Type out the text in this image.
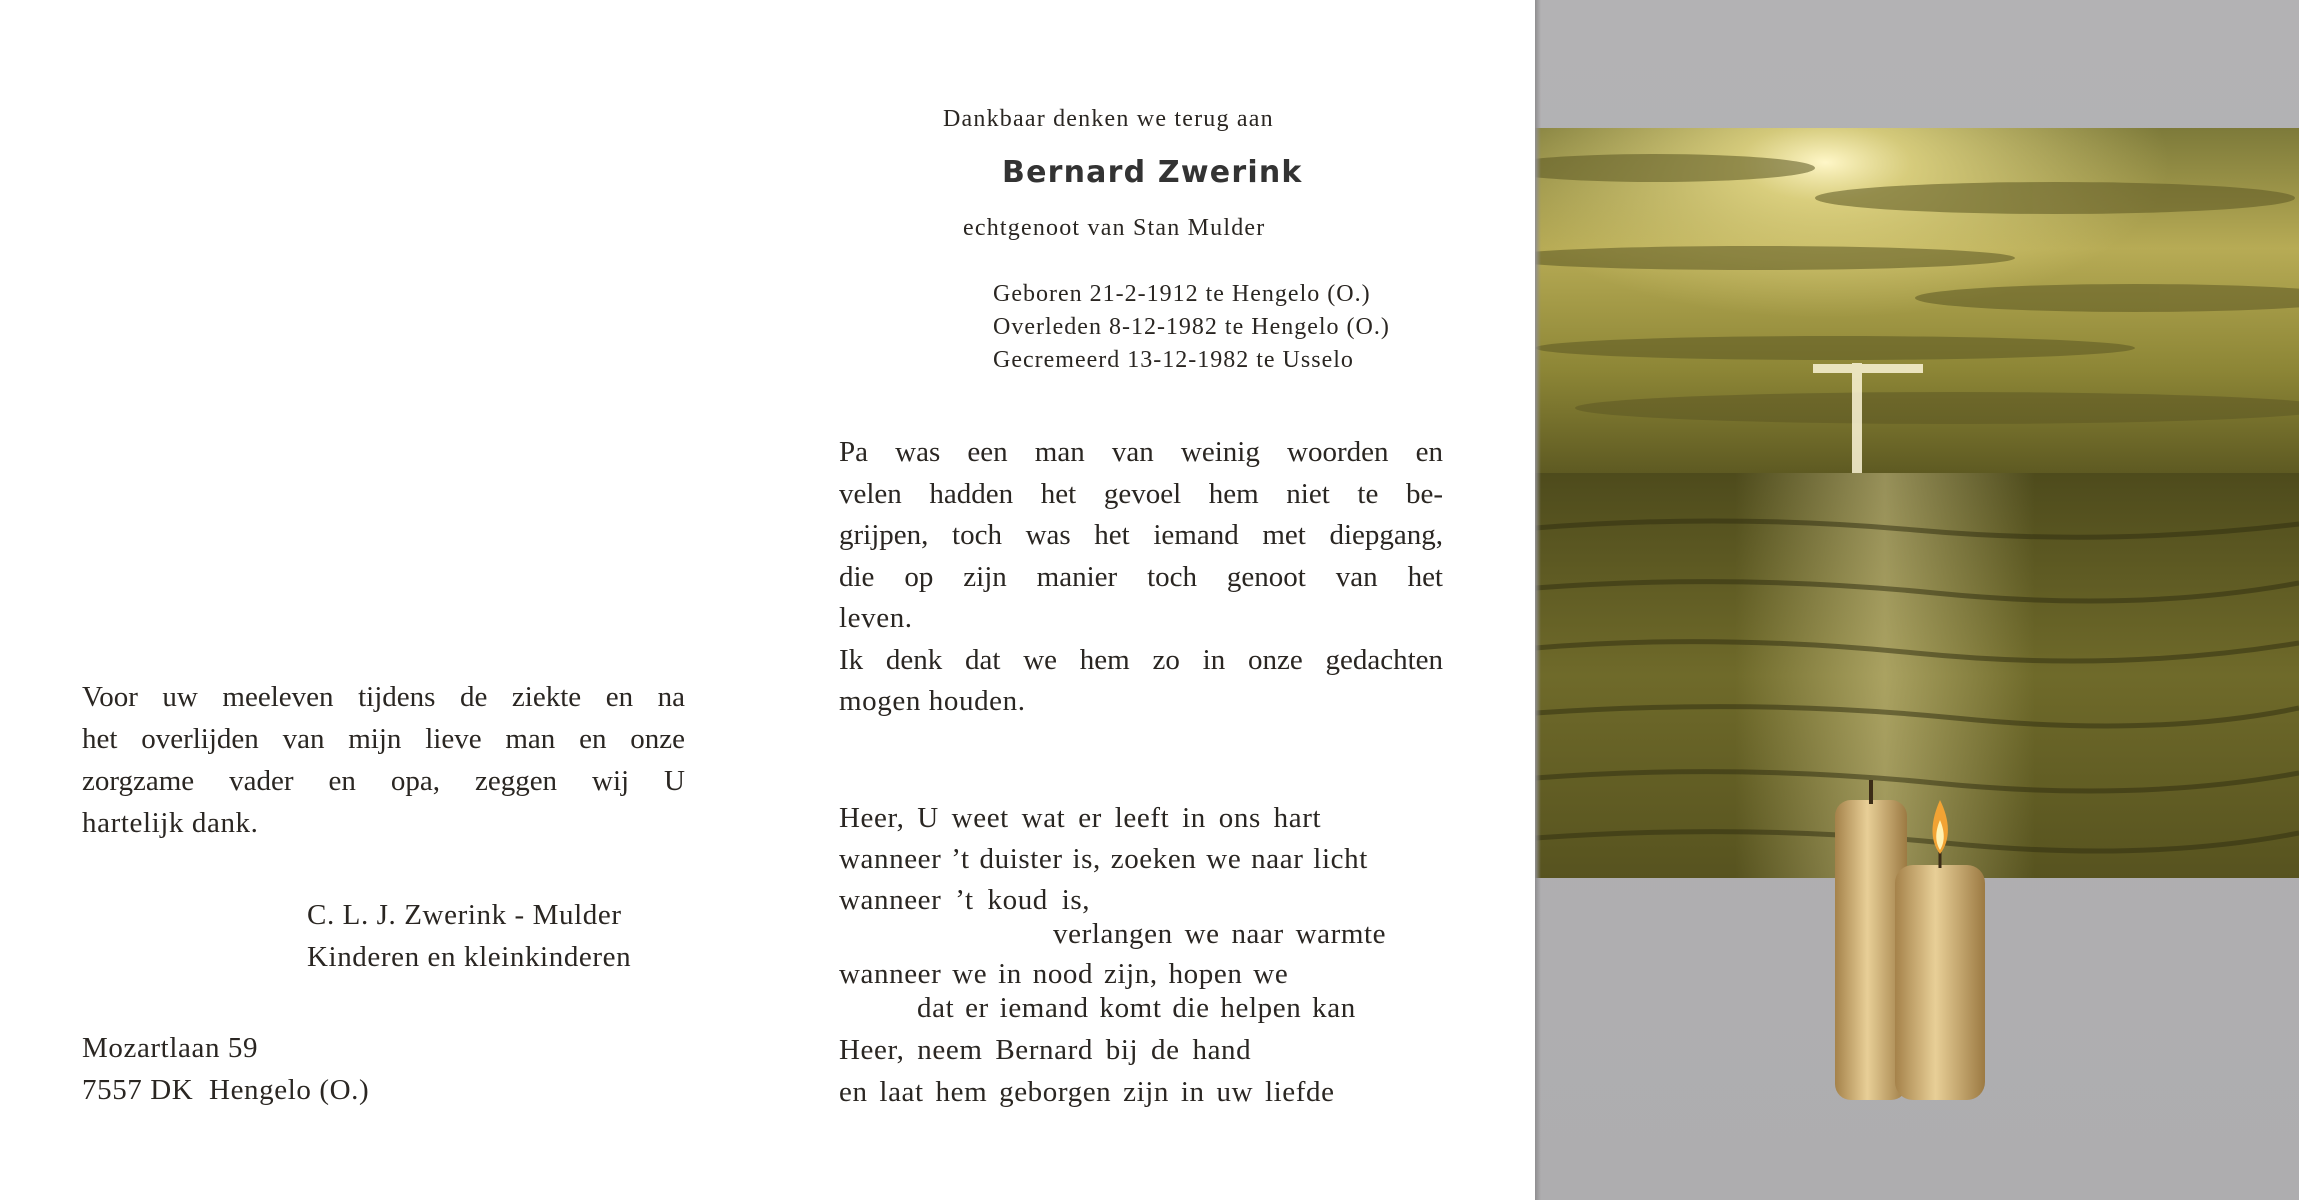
Voor uw meeleven tijdens de ziekte en na
het overlijden van mijn lieve man en onze
zorgzame vader en opa, zeggen wij U
hartelijk dank.
C. L. J. Zwerink - Mulder
Kinderen en kleinkinderen
Mozartlaan 59
7557 DK  Hengelo (O.)
Dankbaar denken we terug aan
Bernard Zwerink
echtgenoot van Stan Mulder
Geboren 21-2-1912 te Hengelo (O.)
Overleden 8-12-1982 te Hengelo (O.)
Gecremeerd 13-12-1982 te Usselo
Pa was een man van weinig woorden en
velen hadden het gevoel hem niet te be-
grijpen, toch was het iemand met diepgang,
die op zijn manier toch genoot van het
leven.
Ik denk dat we hem zo in onze gedachten
mogen houden.
Heer, U weet wat er leeft in ons hart
wanneer ’t duister is, zoeken we naar licht
wanneer ’t koud is,
verlangen we naar warmte
wanneer we in nood zijn, hopen we
dat er iemand komt die helpen kan
Heer, neem Bernard bij de hand
en laat hem geborgen zijn in uw liefde
